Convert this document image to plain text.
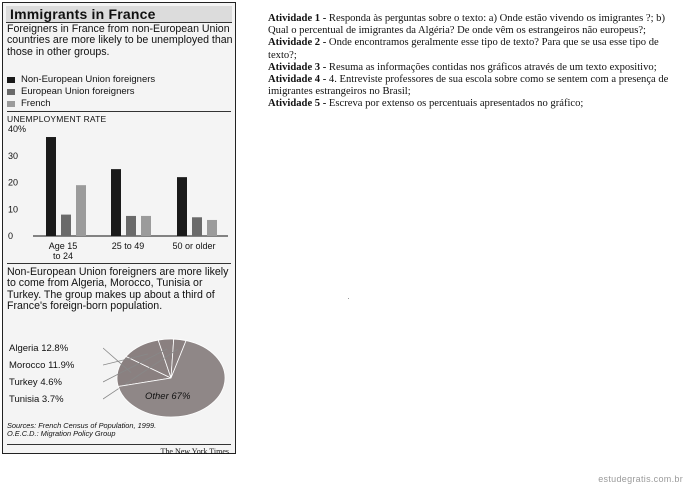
Immigrants in France
Foreigners in France from non-European Union countries are more likely to be unemployed than those in other groups.
Non-European Union foreigners
European Union foreigners
French
UNEMPLOYMENT RATE
0
10
20
30
40%
Age 15
to 24
25 to 49	50 or older
Non-European Union foreigners are more likely to come from Algeria, Morocco, Tunisia or Turkey. The group makes up about a third of France's foreign-born population.
Algeria 12.8%
Morocco 11.9%
Turkey 4.6%
Tunisia 3.7%	Other 67%
Sources: French Census of Population, 1999.
O.E.C.D.: Migration Policy Group
The New York Times

Atividade 1 - Responda às perguntas sobre o texto: a) Onde estão vivendo os imigrantes ?; b) Qual o percentual de imigrantes da Algéria? De onde vêm os estrangeiros não europeus?;

Atividade 2 - Onde encontramos geralmente esse tipo de texto? Para que se usa esse tipo de texto?;

Atividade 3 - Resuma as informações contidas nos gráficos através de um texto expositivo;

Atividade 4 - 4. Entreviste professores de sua escola sobre como se sentem com a presença de imigrantes estrangeiros no Brasil;

Atividade 5 - Escreva por extenso os percentuais apresentados no gráfico;

estudegratis.com.br
